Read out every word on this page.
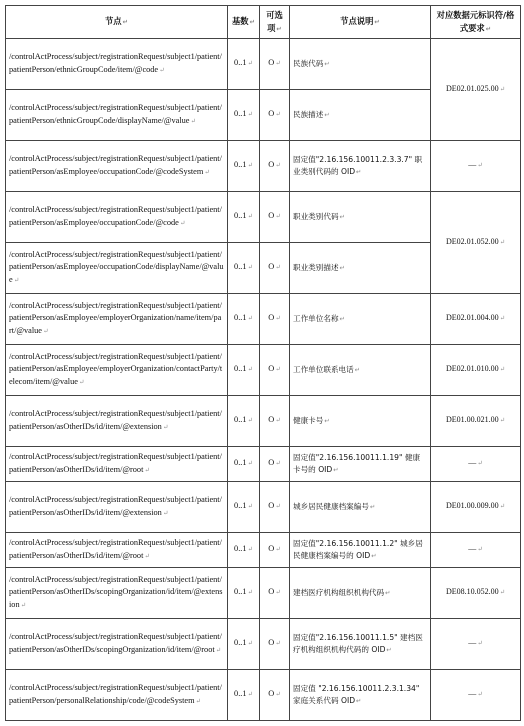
节点↵	基数↵	可选项↵	节点说明↵	对应数据元标识符/格式要求↵
/controlActProcess/subject/registrationRequest/subject1/patient/patientPerson/ethnicGroupCode/item/@code↵	0..1↵	O↵	民族代码↵	DE02.01.025.00↵
/controlActProcess/subject/registrationRequest/subject1/patient/patientPerson/ethnicGroupCode/displayName/@value↵	0..1↵	O↵	民族描述↵	
/controlActProcess/subject/registrationRequest/subject1/patient/patientPerson/asEmployee/occupationCode/@codeSystem↵	0..1↵	O↵	固定值"2.16.156.10011.2.3.3.7" 职业类别代码的 OID↵	—↵
/controlActProcess/subject/registrationRequest/subject1/patient/patientPerson/asEmployee/occupationCode/@code↵	0..1↵	O↵	职业类别代码↵	DE02.01.052.00↵
/controlActProcess/subject/registrationRequest/subject1/patient/patientPerson/asEmployee/occupationCode/displayName/@value↵	0..1↵	O↵	职业类别描述↵	
/controlActProcess/subject/registrationRequest/subject1/patient/patientPerson/asEmployee/employerOrganization/name/item/part/@value↵	0..1↵	O↵	工作单位名称↵	DE02.01.004.00↵
/controlActProcess/subject/registrationRequest/subject1/patient/patientPerson/asEmployee/employerOrganization/contactParty/telecom/item/@value↵	0..1↵	O↵	工作单位联系电话↵	DE02.01.010.00↵
/controlActProcess/subject/registrationRequest/subject1/patient/patientPerson/asOtherIDs/id/item/@extension↵	0..1↵	O↵	健康卡号↵	DE01.00.021.00↵
/controlActProcess/subject/registrationRequest/subject1/patient/patientPerson/asOtherIDs/id/item/@root↵	0..1↵	O↵	固定值"2.16.156.10011.1.19" 健康卡号的 OID↵	—↵
/controlActProcess/subject/registrationRequest/subject1/patient/patientPerson/asOtherIDs/id/item/@extension↵	0..1↵	O↵	城乡居民健康档案编号↵	DE01.00.009.00↵
/controlActProcess/subject/registrationRequest/subject1/patient/patientPerson/asOtherIDs/id/item/@root↵	0..1↵	O↵	固定值"2.16.156.10011.1.2" 城乡居民健康档案编号的 OID↵	—↵
/controlActProcess/subject/registrationRequest/subject1/patient/patientPerson/asOtherIDs/scopingOrganization/id/item/@extension↵	0..1↵	O↵	建档医疗机构组织机构代码↵	DE08.10.052.00↵
/controlActProcess/subject/registrationRequest/subject1/patient/patientPerson/asOtherIDs/scopingOrganization/id/item/@root↵	0..1↵	O↵	固定值"2.16.156.10011.1.5" 建档医疗机构组织机构代码的 OID↵	—↵
/controlActProcess/subject/registrationRequest/subject1/patient/patientPerson/personalRelationship/code/@codeSystem↵	0..1↵	O↵	固定值 "2.16.156.10011.2.3.1.34" 家庭关系代码 OID↵	—↵
